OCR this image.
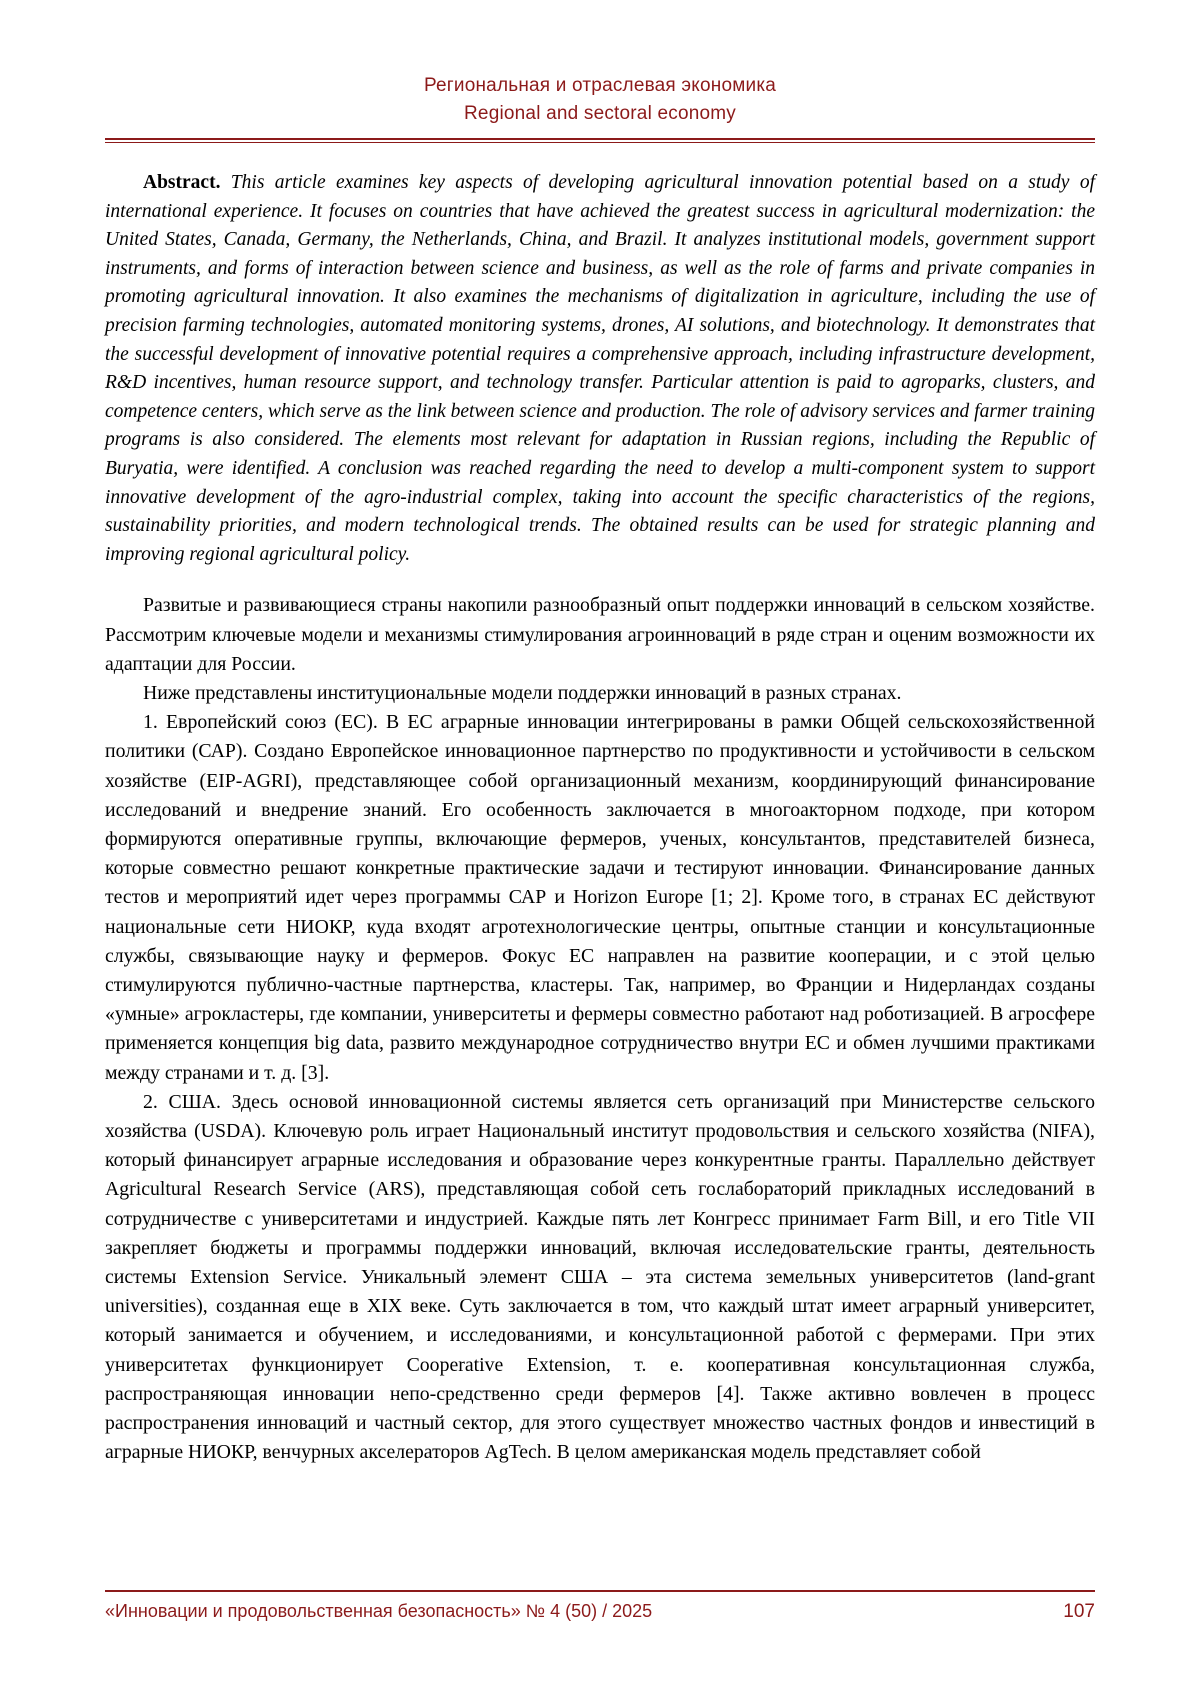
Региональная и отраслевая экономика
Regional and sectoral economy

Abstract. This article examines key aspects of developing agricultural innovation potential based on a study of international experience. It focuses on countries that have achieved the greatest success in agricultural modernization: the United States, Canada, Germany, the Netherlands, China, and Brazil. It analyzes institutional models, government support instruments, and forms of interaction between science and business, as well as the role of farms and private companies in promoting agricultural innovation. It also examines the mechanisms of digitalization in agriculture, including the use of precision farming technologies, automated monitoring systems, drones, AI solutions, and biotechnology. It demonstrates that the successful development of innovative potential requires a comprehensive approach, including infrastructure development, R&D incentives, human resource support, and technology transfer. Particular attention is paid to agroparks, clusters, and competence centers, which serve as the link between science and production. The role of advisory services and farmer training programs is also considered. The elements most relevant for adaptation in Russian regions, including the Republic of Buryatia, were identified. A conclusion was reached regarding the need to develop a multi-component system to support innovative development of the agro-industrial complex, taking into account the specific characteristics of the regions, sustainability priorities, and modern technological trends. The obtained results can be used for strategic planning and improving regional agricultural policy.

Развитые и развивающиеся страны накопили разнообразный опыт поддержки инноваций в сельском хозяйстве. Рассмотрим ключевые модели и механизмы стимулирования агроинноваций в ряде стран и оценим возможности их адаптации для России.

Ниже представлены институциональные модели поддержки инноваций в разных странах.

1. Европейский союз (ЕС). В ЕС аграрные инновации интегрированы в рамки Общей сельскохозяйственной политики (САР). Создано Европейское инновационное партнерство по продуктивности и устойчивости в сельском хозяйстве (EIP-AGRI), представляющее собой организационный механизм, координирующий финансирование исследований и внедрение знаний. Его особенность заключается в многоакторном подходе, при котором формируются оперативные группы, включающие фермеров, ученых, консультантов, представителей бизнеса, которые совместно решают конкретные практические задачи и тестируют инновации. Финансирование данных тестов и мероприятий идет через программы САР и Horizon Europe [1; 2]. Кроме того, в странах ЕС действуют национальные сети НИОКР, куда входят агротехнологические центры, опытные станции и консультационные службы, связывающие науку и фермеров. Фокус ЕС направлен на развитие кооперации, и с этой целью стимулируются публично-частные партнерства, кластеры. Так, например, во Франции и Нидерландах созданы «умные» агрокластеры, где компании, университеты и фермеры совместно работают над роботизацией. В агросфере применяется концепция big data, развито международное сотрудничество внутри ЕС и обмен лучшими практиками между странами и т. д. [3].

2. США. Здесь основой инновационной системы является сеть организаций при Министерстве сельского хозяйства (USDA). Ключевую роль играет Национальный институт продовольствия и сельского хозяйства (NIFA), который финансирует аграрные исследования и образование через конкурентные гранты. Параллельно действует Agricultural Research Service (ARS), представляющая собой сеть гослабораторий прикладных исследований в сотрудничестве с университетами и индустрией. Каждые пять лет Конгресс принимает Farm Bill, и его Title VII закрепляет бюджеты и программы поддержки инноваций, включая исследовательские гранты, деятельность системы Extension Service. Уникальный элемент США – эта система земельных университетов (land-grant universities), созданная еще в XIX веке. Суть заключается в том, что каждый штат имеет аграрный университет, который занимается и обучением, и исследованиями, и консультационной работой с фермерами. При этих университетах функционирует Cooperative Extension, т. е. кооперативная консультационная служба, распространяющая инновации непо-средственно среди фермеров [4]. Также активно вовлечен в процесс распространения инноваций и частный сектор, для этого существует множество частных фондов и инвестиций в аграрные НИОКР, венчурных акселераторов AgTech. В целом американская модель представляет собой

«Инновации и продовольственная безопасность» № 4 (50) / 2025	107
